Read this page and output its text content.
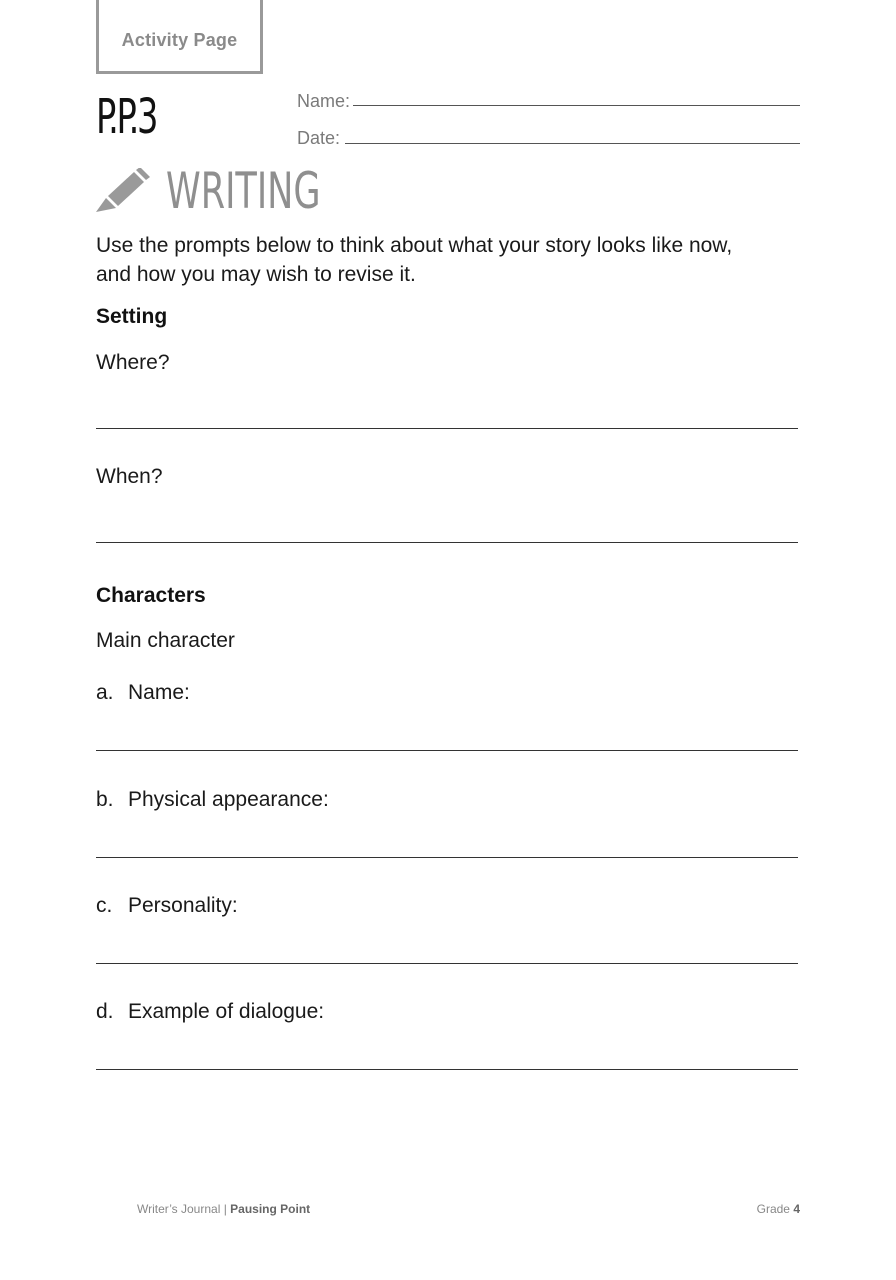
Activity Page
P.P.3	Name:
Date:
WRITING
Use the prompts below to think about what your story looks like now,
and how you may wish to revise it.
Setting
Where?
When?
Characters
Main character
a. Name:
b. Physical appearance:
c. Personality:
d. Example of dialogue:
Writer’s Journal | Pausing Point	Grade 4
